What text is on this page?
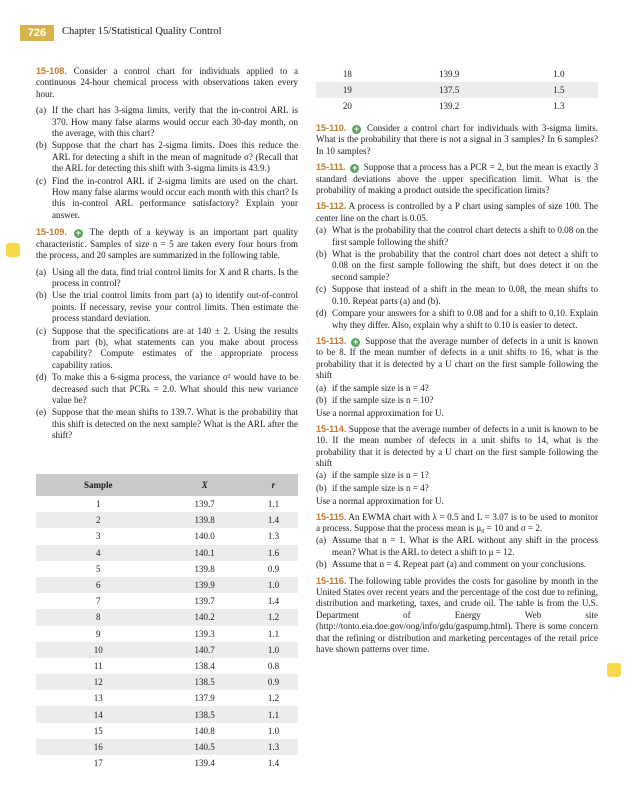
726	Chapter 15/Statistical Quality Control
15-108. Consider a control chart for individuals applied to a continuous 24-hour chemical process with observations taken every hour.
(a) If the chart has 3-sigma limits, verify that the in-control ARL is 370. How many false alarms would occur each 30-day month, on the average, with this chart?
(b) Suppose that the chart has 2-sigma limits. Does this reduce the ARL for detecting a shift in the mean of magnitude σ? (Recall that the ARL for detecting this shift with 3-sigma limits is 43.9.)
(c) Find the in-control ARL if 2-sigma limits are used on the chart. How many false alarms would occur each month with this chart? Is this in-control ARL performance satisfactory? Explain your answer.
15-109. + The depth of a keyway is an important part quality characteristic. Samples of size n = 5 are taken every four hours from the process, and 20 samples are summarized in the following table.
(a) Using all the data, find trial control limits for X and R charts. Is the process in control?
(b) Use the trial control limits from part (a) to identify out-of-control points. If necessary, revise your control limits. Then estimate the process standard deviation.
(c) Suppose that the specifications are at 140 ± 2. Using the results from part (b), what statements can you make about process capability? Compute estimates of the appropriate process capability ratios.
(d) To make this a 6-sigma process, the variance σ² would have to be decreased such that PCRₖ = 2.0. What should this new variance value be?
(e) Suppose that the mean shifts to 139.7. What is the probability that this shift is detected on the next sample? What is the ARL after the shift?
Sample	X	r
1	139.7	1.1
2	139.8	1.4
3	140.0	1.3
4	140.1	1.6
5	139.8	0.9
6	139.9	1.0
7	139.7	1.4
8	140.2	1.2
9	139.3	1.1
10	140.7	1.0
11	138.4	0.8
12	138.5	0.9
13	137.9	1.2
14	138.5	1.1
15	140.8	1.0
16	140.5	1.3
17	139.4	1.4
18	139.9	1.0
19	137.5	1.5
20	139.2	1.3
15-110. + Consider a control chart for individuals with 3-sigma limits. What is the probability that there is not a signal in 3 samples? In 6 samples? In 10 samples?
15-111. + Suppose that a process has a PCR = 2, but the mean is exactly 3 standard deviations above the upper specification limit. What is the probability of making a product outside the specification limits?
15-112. A process is controlled by a P chart using samples of size 100. The center line on the chart is 0.05.
(a) What is the probability that the control chart detects a shift to 0.08 on the first sample following the shift?
(b) What is the probability that the control chart does not detect a shift to 0.08 on the first sample following the shift, but does detect it on the second sample?
(c) Suppose that instead of a shift in the mean to 0.08, the mean shifts to 0.10. Repeat parts (a) and (b).
(d) Compare your answers for a shift to 0.08 and for a shift to 0.10. Explain why they differ. Also, explain why a shift to 0.10 is easier to detect.
15-113. + Suppose that the average number of defects in a unit is known to be 8. If the mean number of defects in a unit shifts to 16, what is the probability that it is detected by a U chart on the first sample following the shift
(a) if the sample size is n = 4?
(b) if the sample size is n = 10?
Use a normal approximation for U.
15-114. Suppose that the average number of defects in a unit is known to be 10. If the mean number of defects in a unit shifts to 14, what is the probability that it is detected by a U chart on the first sample following the shift
(a) if the sample size is n = 1?
(b) if the sample size is n = 4?
Use a normal approximation for U.
15-115. An EWMA chart with λ = 0.5 and L = 3.07 is to be used to monitor a process. Suppose that the process mean is μ₀ = 10 and σ = 2.
(a) Assume that n = 1. What is the ARL without any shift in the process mean? What is the ARL to detect a shift to μ = 12.
(b) Assume that n = 4. Repeat part (a) and comment on your conclusions.
15-116. The following table provides the costs for gasoline by month in the United States over recent years and the percentage of the cost due to refining, distribution and marketing, taxes, and crude oil. The table is from the U.S. Department of Energy Web site (http://tonto.eia.doe.gov/oog/info/gdu/gaspump.html). There is some concern that the refining or distribution and marketing percentages of the retail price have shown patterns over time.
